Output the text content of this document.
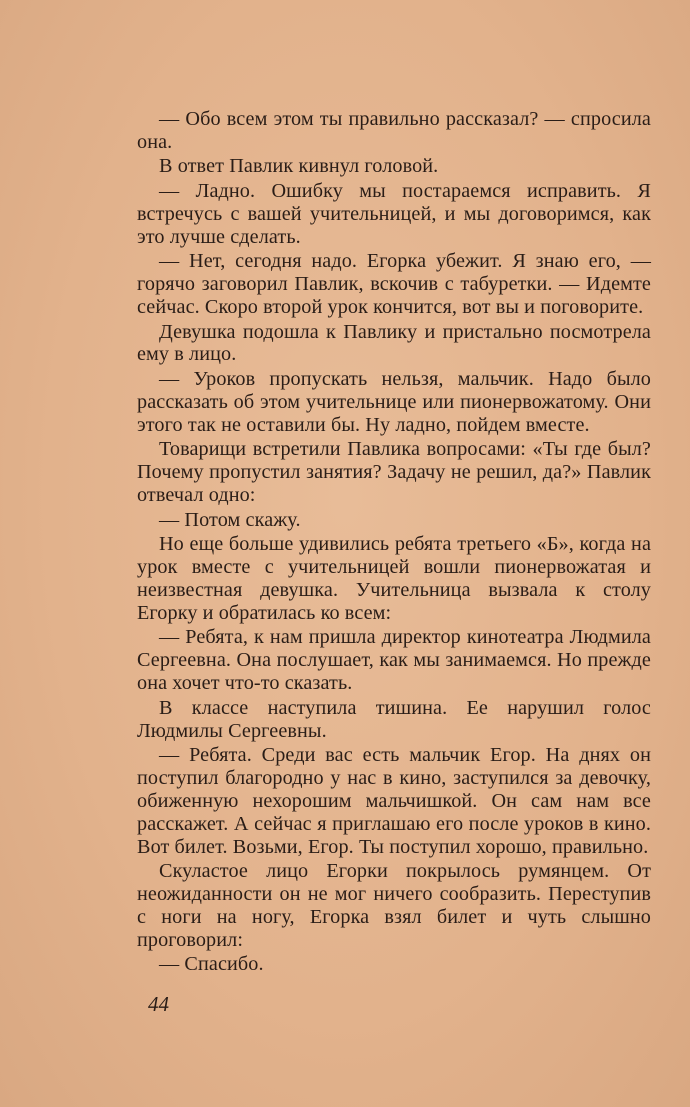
— Обо всем этом ты правильно рассказал? — спросила она.

В ответ Павлик кивнул головой.

— Ладно. Ошибку мы постараемся исправить. Я встречусь с вашей учительницей, и мы договоримся, как это лучше сделать.

— Нет, сегодня надо. Егорка убежит. Я знаю его, — горячо заговорил Павлик, вскочив с табуретки. — Идемте сейчас. Скоро второй урок кончится, вот вы и поговорите.

Девушка подошла к Павлику и пристально посмотрела ему в лицо.

— Уроков пропускать нельзя, мальчик. Надо было рассказать об этом учительнице или пионервожатому. Они этого так не оставили бы. Ну ладно, пойдем вместе.

Товарищи встретили Павлика вопросами: «Ты где был? Почему пропустил занятия? Задачу не решил, да?» Павлик отвечал одно:

— Потом скажу.

Но еще больше удивились ребята третьего «Б», когда на урок вместе с учительницей вошли пионервожатая и неизвестная девушка. Учительница вызвала к столу Егорку и обратилась ко всем:

— Ребята, к нам пришла директор кинотеатра Людмила Сергеевна. Она послушает, как мы занимаемся. Но прежде она хочет что-то сказать.

В классе наступила тишина. Ее нарушил голос Людмилы Сергеевны.

— Ребята. Среди вас есть мальчик Егор. На днях он поступил благородно у нас в кино, заступился за девочку, обиженную нехорошим мальчишкой. Он сам нам все расскажет. А сейчас я приглашаю его после уроков в кино. Вот билет. Возьми, Егор. Ты поступил хорошо, правильно.

Скуластое лицо Егорки покрылось румянцем. От неожиданности он не мог ничего сообразить. Переступив с ноги на ногу, Егорка взял билет и чуть слышно проговорил:

— Спасибо.

44
